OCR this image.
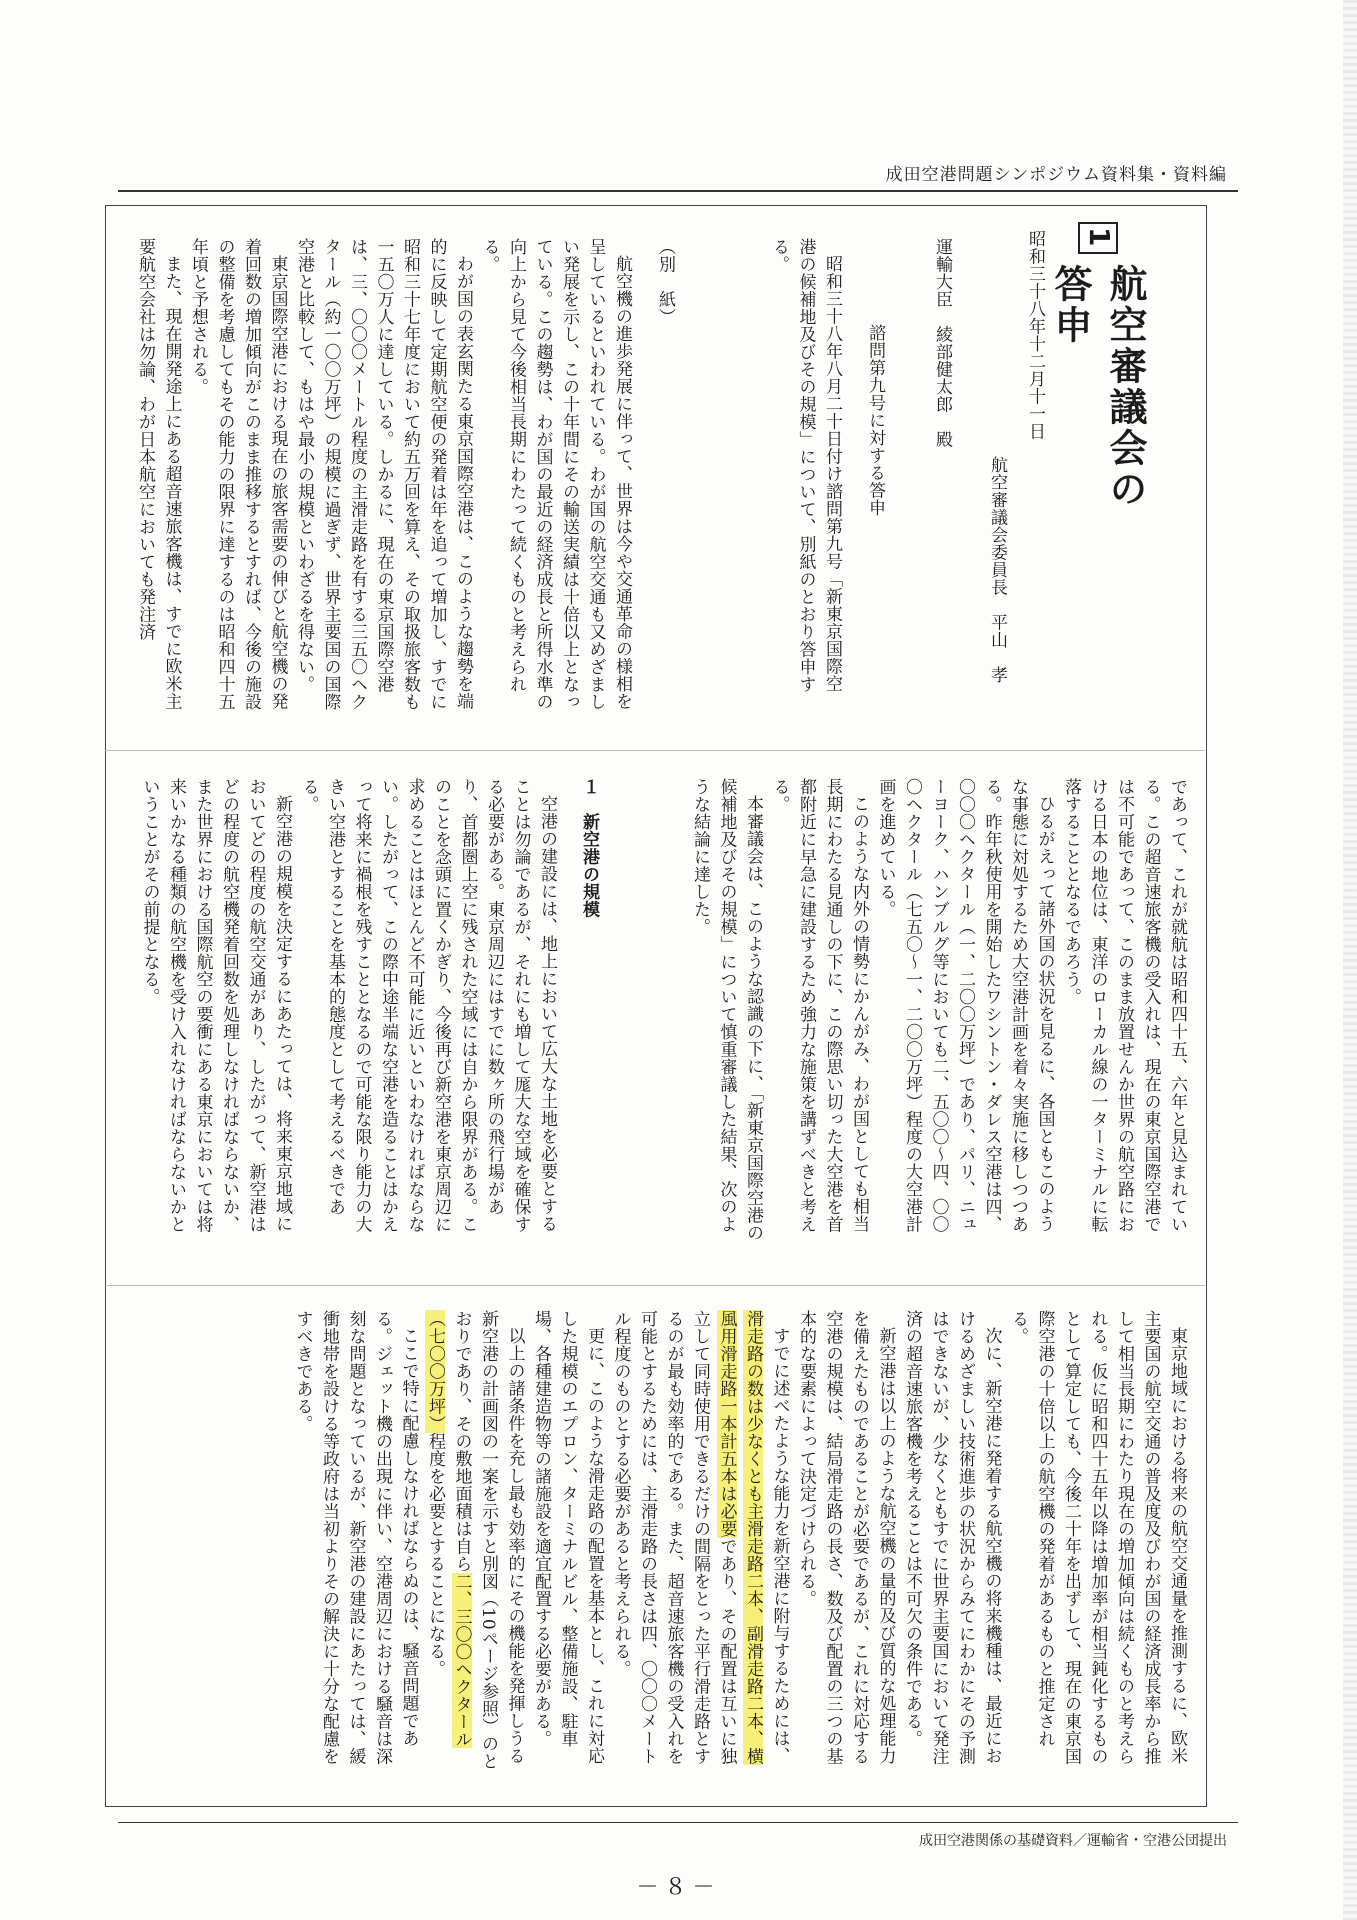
成田空港問題シンポジウム資料集・資料編
1
航空審議会の答申
昭和三十八年十二月十一日
航空審議会委員長　平山　孝
運輸大臣　綾部健太郎　殿
諮問第九号に対する答申

昭和三十八年八月二十日付け諮問第九号「新東京国際空港の候補地及びその規模」について、別紙のとおり答申する。

（別　紙）

航空機の進歩発展に伴って、世界は今や交通革命の様相を呈しているといわれている。わが国の航空交通も又めざましい発展を示し、この十年間にその輸送実績は十倍以上となっている。この趨勢は、わが国の最近の経済成長と所得水準の向上から見て今後相当長期にわたって続くものと考えられる。

わが国の表玄関たる東京国際空港は、このような趨勢を端的に反映して定期航空便の発着は年を追って増加し、すでに昭和三十七年度において約五万回を算え、その取扱旅客数も一五〇万人に達している。しかるに、現在の東京国際空港は、三、〇〇〇メートル程度の主滑走路を有する三五〇ヘクタール（約一〇〇万坪）の規模に過ぎず、世界主要国の国際空港と比較して、もはや最小の規模といわざるを得ない。

東京国際空港における現在の旅客需要の伸びと航空機の発着回数の増加傾向がこのまま推移するとすれば、今後の施設の整備を考慮してもその能力の限界に達するのは昭和四十五年頃と予想される。

また、現在開発途上にある超音速旅客機は、すでに欧米主要航空会社は勿論、わが日本航空においても発注済

であって、これが就航は昭和四十五、六年と見込まれている。この超音速旅客機の受入れは、現在の東京国際空港では不可能であって、このまま放置せんか世界の航空路における日本の地位は、東洋のローカル線の一ターミナルに転落することとなるであろう。

ひるがえって諸外国の状況を見るに、各国ともこのような事態に対処するため大空港計画を着々実施に移しつつある。昨年秋使用を開始したワシントン・ダレス空港は四、〇〇〇ヘクタール（一、二〇〇万坪）であり、パリ、ニューヨーク、ハンブルグ等においても二、五〇〇～四、〇〇〇ヘクタール（七五〇～一、二〇〇万坪）程度の大空港計画を進めている。

このような内外の情勢にかんがみ、わが国としても相当長期にわたる見通しの下に、この際思い切った大空港を首都附近に早急に建設するため強力な施策を講ずべきと考える。

本審議会は、このような認識の下に、「新東京国際空港の候補地及びその規模」について慎重審議した結果、次のような結論に達した。

１　新空港の規模

空港の建設には、地上において広大な土地を必要とすることは勿論であるが、それにも増して厖大な空域を確保する必要がある。東京周辺にはすでに数ヶ所の飛行場があり、首都圏上空に残された空域には自から限界がある。このことを念頭に置くかぎり、今後再び新空港を東京周辺に求めることはほとんど不可能に近いといわなければならない。したがって、この際中途半端な空港を造ることはかえって将来に禍根を残すこととなるので可能な限り能力の大きい空港とすることを基本的態度として考えるべきである。

新空港の規模を決定するにあたっては、将来東京地域においてどの程度の航空交通があり、したがって、新空港はどの程度の航空機発着回数を処理しなければならないか、また世界における国際航空の要衝にある東京においては将来いかなる種類の航空機を受け入れなければならないかということがその前提となる。

東京地域における将来の航空交通量を推測するに、欧米主要国の航空交通の普及度及びわが国の経済成長率から推して相当長期にわたり現在の増加傾向は続くものと考えられる。仮に昭和四十五年以降は増加率が相当鈍化するものとして算定しても、今後二十年を出ずして、現在の東京国際空港の十倍以上の航空機の発着があるものと推定される。

次に、新空港に発着する航空機の将来機種は、最近におけるめざましい技術進歩の状況からみてにわかにその予測はできないが、少なくともすでに世界主要国において発注済の超音速旅客機を考えることは不可欠の条件である。

新空港は以上のような航空機の量的及び質的な処理能力を備えたものであることが必要であるが、これに対応する空港の規模は、結局滑走路の長さ、数及び配置の三つの基本的な要素によって決定づけられる。

すでに述べたような能力を新空港に附与するためには、滑走路の数は少なくとも主滑走路二本、副滑走路二本、横風用滑走路一本計五本は必要であり、その配置は互いに独立して同時使用できるだけの間隔をとった平行滑走路とするのが最も効率的である。また、超音速旅客機の受入れを可能とするためには、主滑走路の長さは四、〇〇〇メートル程度のものとする必要があると考えられる。

更に、このような滑走路の配置を基本とし、これに対応した規模のエプロン、ターミナルビル、整備施設、駐車場、各種建造物等の諸施設を適宜配置する必要がある。

以上の諸条件を充し最も効率的にその機能を発揮しうる新空港の計画図の一案を示すと別図（10ページ参照）のとおりであり、その敷地面積は自ら二、三〇〇ヘクタール（七〇〇万坪）程度を必要とすることになる。

ここで特に配慮しなければならぬのは、騒音問題である。ジェット機の出現に伴い、空港周辺における騒音は深刻な問題となっているが、新空港の建設にあたっては、緩衝地帯を設ける等政府は当初よりその解決に十分な配慮をすべきである。

成田空港関係の基礎資料／運輸省・空港公団提出
－８－
